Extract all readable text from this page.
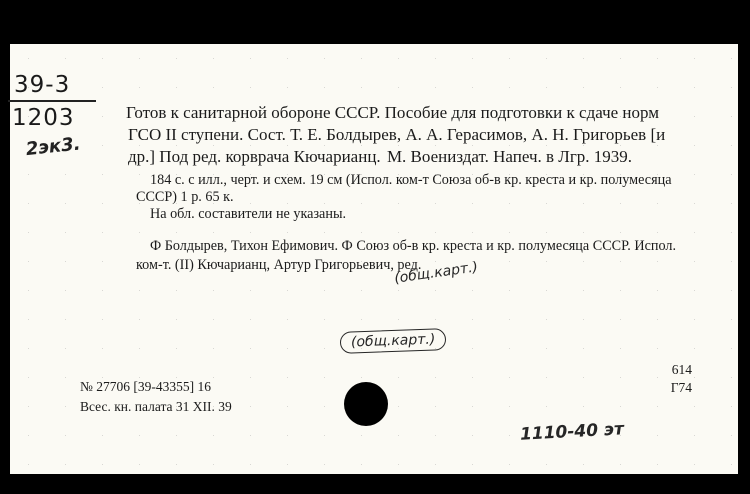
39-3
1203
2эк3.
Готов к санитарной обороне СССР. Пособие для подготовки к сдаче норм ГСО II ступени. Сост. Т. Е. Болдырев, А. А. Герасимов, А. Н. Григорьев [и др.] Под ред. корврача Кючарианц. М. Воениздат. Напеч. в Лгр. 1939.
184 с. с илл., черт. и схем. 19 см (Испол. ком-т Союза об-в кр. креста и кр. полумесяца СССР) 1 р. 65 к.
На обл. составители не указаны.
Ф Болдырев, Тихон Ефимович. Ф Союз об-в кр. креста и кр. полумесяца СССР. Испол. ком-т. (II) Кючарианц, Артур Григорьевич, ред.
(общ.карт.)
(общ.карт.)
№ 27706 [39-43355] 16
Всес. кн. палата 31 XII. 39
614
Г74
1110-40 эт
